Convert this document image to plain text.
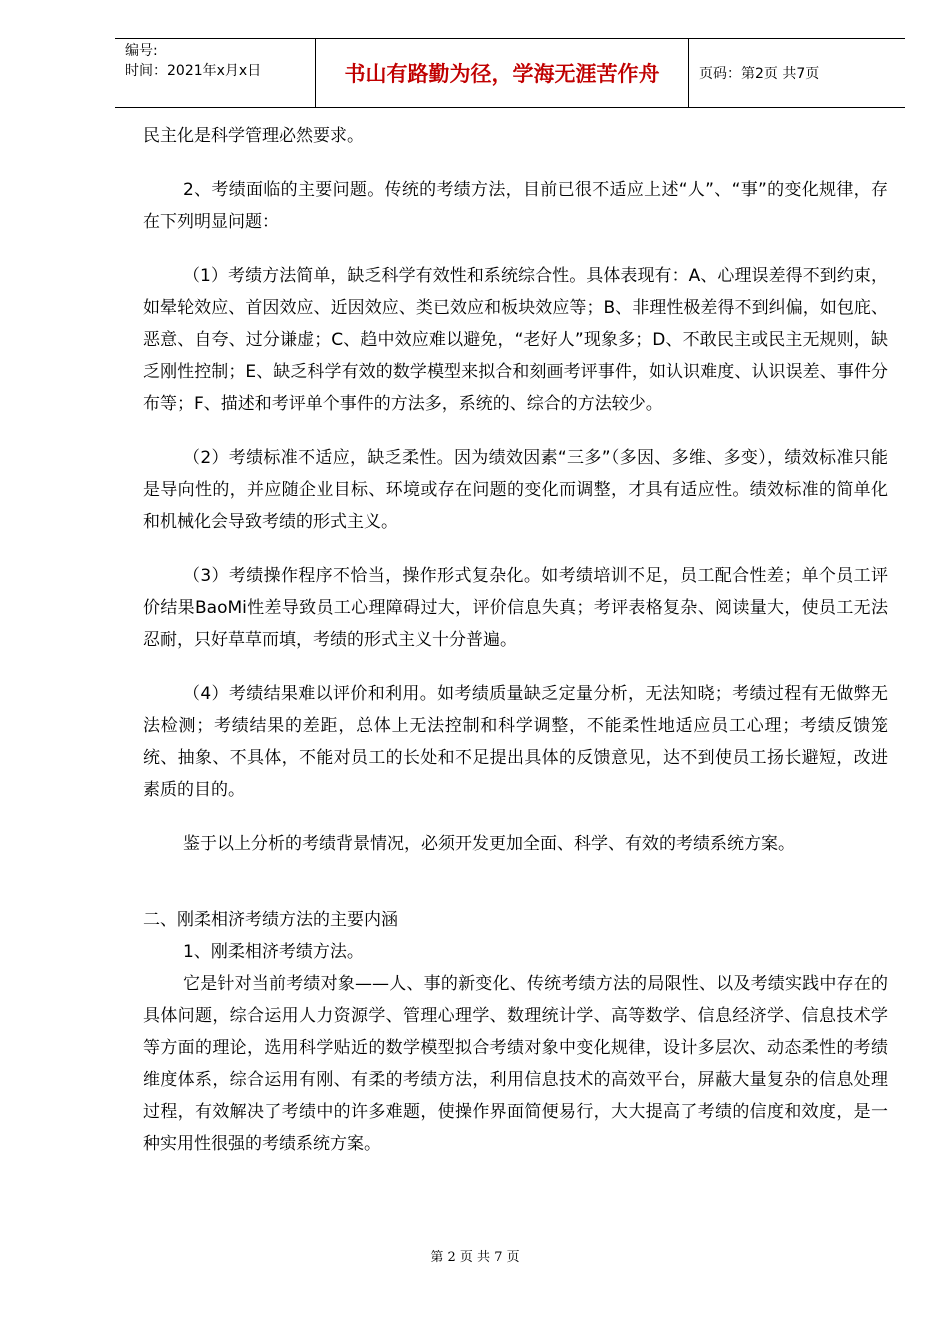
编号:
时间：2021年x月x日	书山有路勤为径，学海无涯苦作舟	页码：第2页 共7页

民主化是科学管理必然要求。

2、考绩面临的主要问题。传统的考绩方法，目前已很不适应上述“人”、“事”的变化规律，存在下列明显问题：

（1）考绩方法简单，缺乏科学有效性和系统综合性。具体表现有：A、心理误差得不到约束，如晕轮效应、首因效应、近因效应、类已效应和板块效应等；B、非理性极差得不到纠偏，如包庇、恶意、自夸、过分谦虚；C、趋中效应难以避免，“老好人”现象多；D、不敢民主或民主无规则，缺乏刚性控制；E、缺乏科学有效的数学模型来拟合和刻画考评事件，如认识难度、认识误差、事件分布等；F、描述和考评单个事件的方法多，系统的、综合的方法较少。

（2）考绩标准不适应，缺乏柔性。因为绩效因素“三多”（多因、多维、多变），绩效标准只能是导向性的，并应随企业目标、环境或存在问题的变化而调整，才具有适应性。绩效标准的简单化和机械化会导致考绩的形式主义。

（3）考绩操作程序不恰当，操作形式复杂化。如考绩培训不足，员工配合性差；单个员工评价结果BaoMi性差导致员工心理障碍过大，评价信息失真；考评表格复杂、阅读量大，使员工无法忍耐，只好草草而填，考绩的形式主义十分普遍。

（4）考绩结果难以评价和利用。如考绩质量缺乏定量分析，无法知晓；考绩过程有无做弊无法检测；考绩结果的差距，总体上无法控制和科学调整，不能柔性地适应员工心理；考绩反馈笼统、抽象、不具体，不能对员工的长处和不足提出具体的反馈意见，达不到使员工扬长避短，改进素质的目的。

鉴于以上分析的考绩背景情况，必须开发更加全面、科学、有效的考绩系统方案。

二、刚柔相济考绩方法的主要内涵

1、刚柔相济考绩方法。

它是针对当前考绩对象——人、事的新变化、传统考绩方法的局限性、以及考绩实践中存在的具体问题，综合运用人力资源学、管理心理学、数理统计学、高等数学、信息经济学、信息技术学等方面的理论，选用科学贴近的数学模型拟合考绩对象中变化规律，设计多层次、动态柔性的考绩维度体系，综合运用有刚、有柔的考绩方法，利用信息技术的高效平台，屏蔽大量复杂的信息处理过程，有效解决了考绩中的许多难题，使操作界面简便易行，大大提高了考绩的信度和效度，是一种实用性很强的考绩系统方案。

第 2 页 共 7 页
